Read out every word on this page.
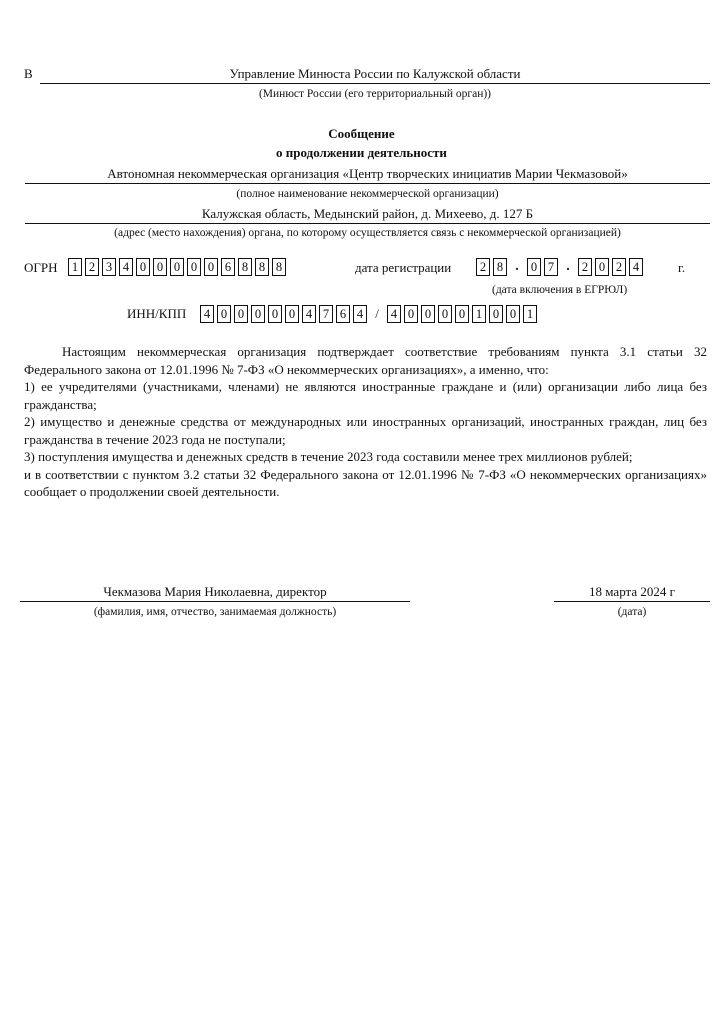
В	Управление Минюста России по Калужской области
(Минюст России (его территориальный орган))
Сообщение
о продолжении деятельности
Автономная некоммерческая организация «Центр творческих инициатив Марии Чекмазовой»
(полное наименование некоммерческой организации)
Калужская область, Медынский район, д. Михеево, д. 127 Б
(адрес (место нахождения) органа, по которому осуществляется связь с некоммерческой организацией)
ОГРН	1 2 3 4 0 0 0 0 0 6 8 8 8	дата регистрации	2 8 . 0 7 . 2 0 2 4	г.
(дата включения в ЕГРЮЛ)
ИНН/КПП	4 0 0 0 0 0 4 7 6 4 / 4 0 0 0 0 1 0 0 1

Настоящим некоммерческая организация подтверждает соответствие требованиям пункта 3.1 статьи 32 Федерального закона от 12.01.1996 № 7-ФЗ «О некоммерческих организациях», а именно, что:

1) ее учредителями (участниками, членами) не являются иностранные граждане и (или) организации либо лица без гражданства;

2) имущество и денежные средства от международных или иностранных организаций, иностранных граждан, лиц без гражданства в течение 2023 года не поступали;

3) поступления имущества и денежных средств в течение 2023 года составили менее трех миллионов рублей;

и в соответствии с пунктом 3.2 статьи 32 Федерального закона от 12.01.1996 № 7-ФЗ «О некоммерческих организациях» сообщает о продолжении своей деятельности.

Чекмазова Мария Николаевна, директор
(фамилия, имя, отчество, занимаемая должность)
18 марта 2024 г
(дата)
